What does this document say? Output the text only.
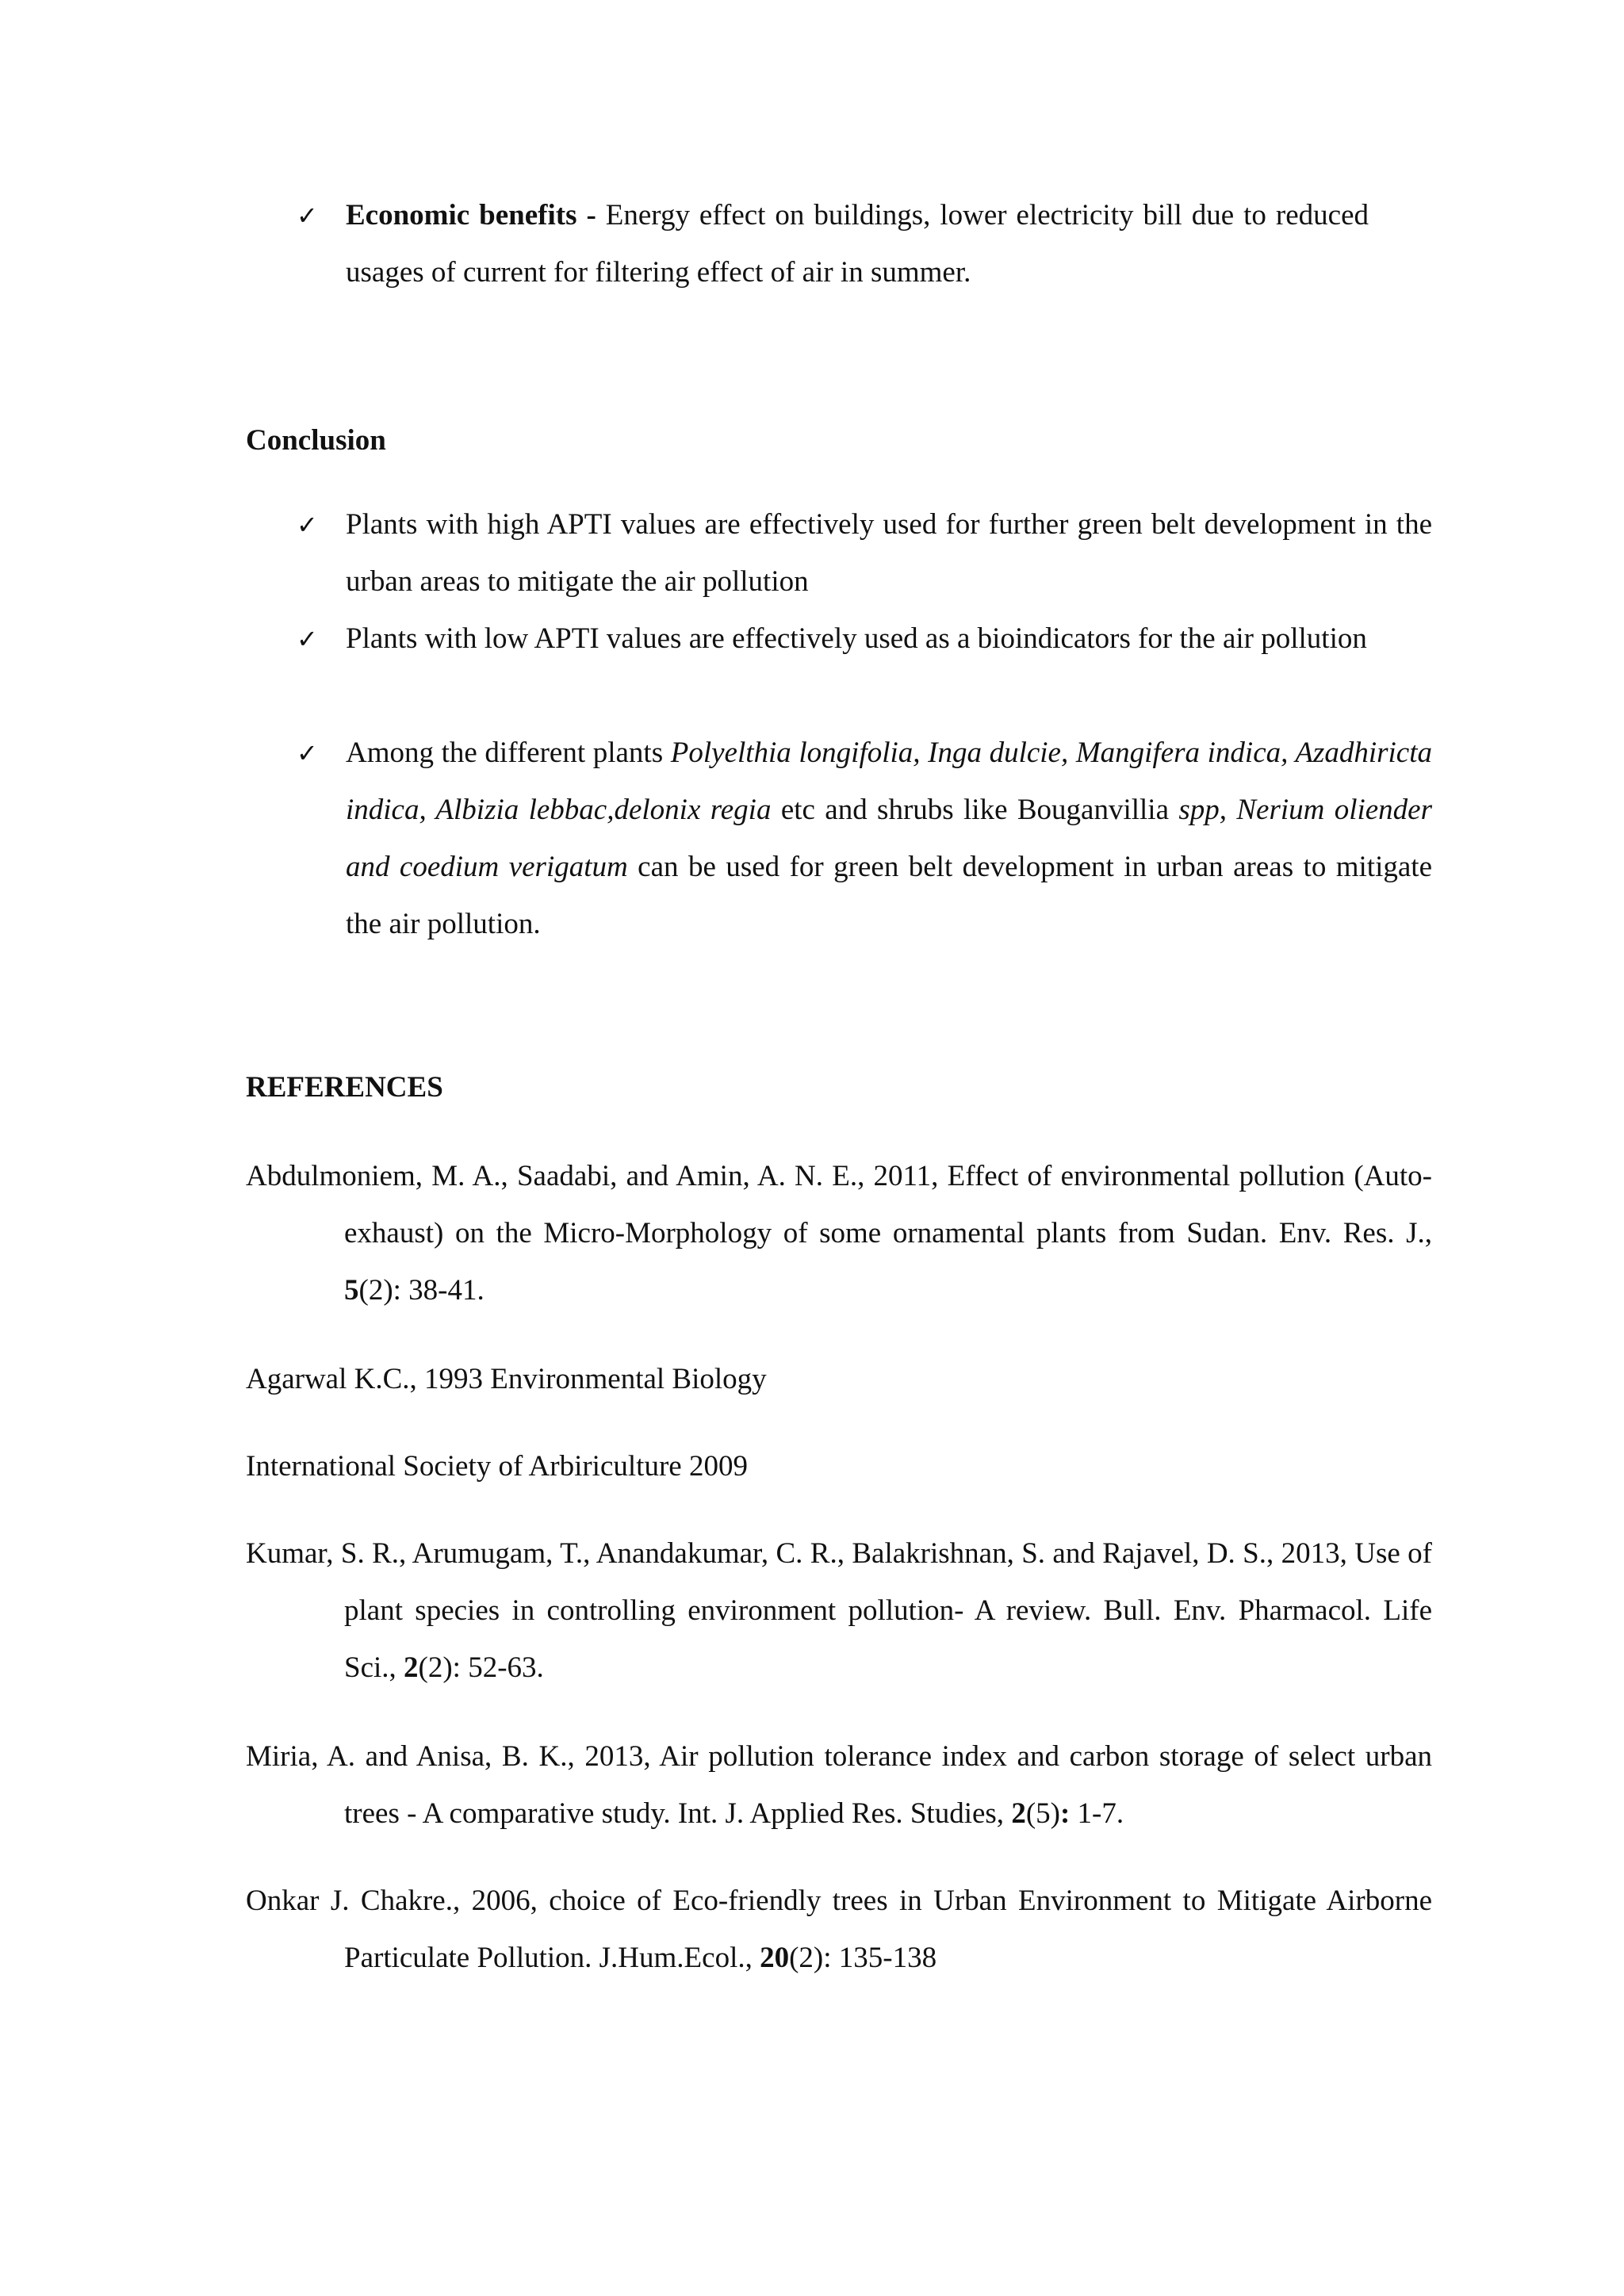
✓ Economic benefits - Energy effect on buildings, lower electricity bill due to reduced usages of current for filtering effect of air in summer.

Conclusion
✓ Plants with high APTI values are effectively used for further green belt development in the urban areas to mitigate the air pollution

✓ Plants with low APTI values are effectively used as a bioindicators for the air pollution

✓ Among the different plants Polyelthia longifolia, Inga dulcie, Mangifera indica, Azadhiricta indica, Albizia lebbac,delonix regia etc and shrubs like Bouganvillia spp, Nerium oliender and coedium verigatum can be used for green belt development in urban areas to mitigate the air pollution.

REFERENCES

Abdulmoniem, M. A., Saadabi, and Amin, A. N. E., 2011, Effect of environmental pollution (Auto-exhaust) on the Micro-Morphology of some ornamental plants from Sudan. Env. Res. J., 5(2): 38-41.

Agarwal K.C., 1993 Environmental Biology

International Society of Arbiriculture 2009

Kumar, S. R., Arumugam, T., Anandakumar, C. R., Balakrishnan, S. and Rajavel, D. S., 2013, Use of plant species in controlling environment pollution- A review. Bull. Env. Pharmacol. Life Sci., 2(2): 52-63.

Miria, A. and Anisa, B. K., 2013, Air pollution tolerance index and carbon storage of select urban trees - A comparative study. Int. J. Applied Res. Studies, 2(5): 1-7.

Onkar J. Chakre., 2006, choice of Eco-friendly trees in Urban Environment to Mitigate Airborne Particulate Pollution. J.Hum.Ecol., 20(2): 135-138
